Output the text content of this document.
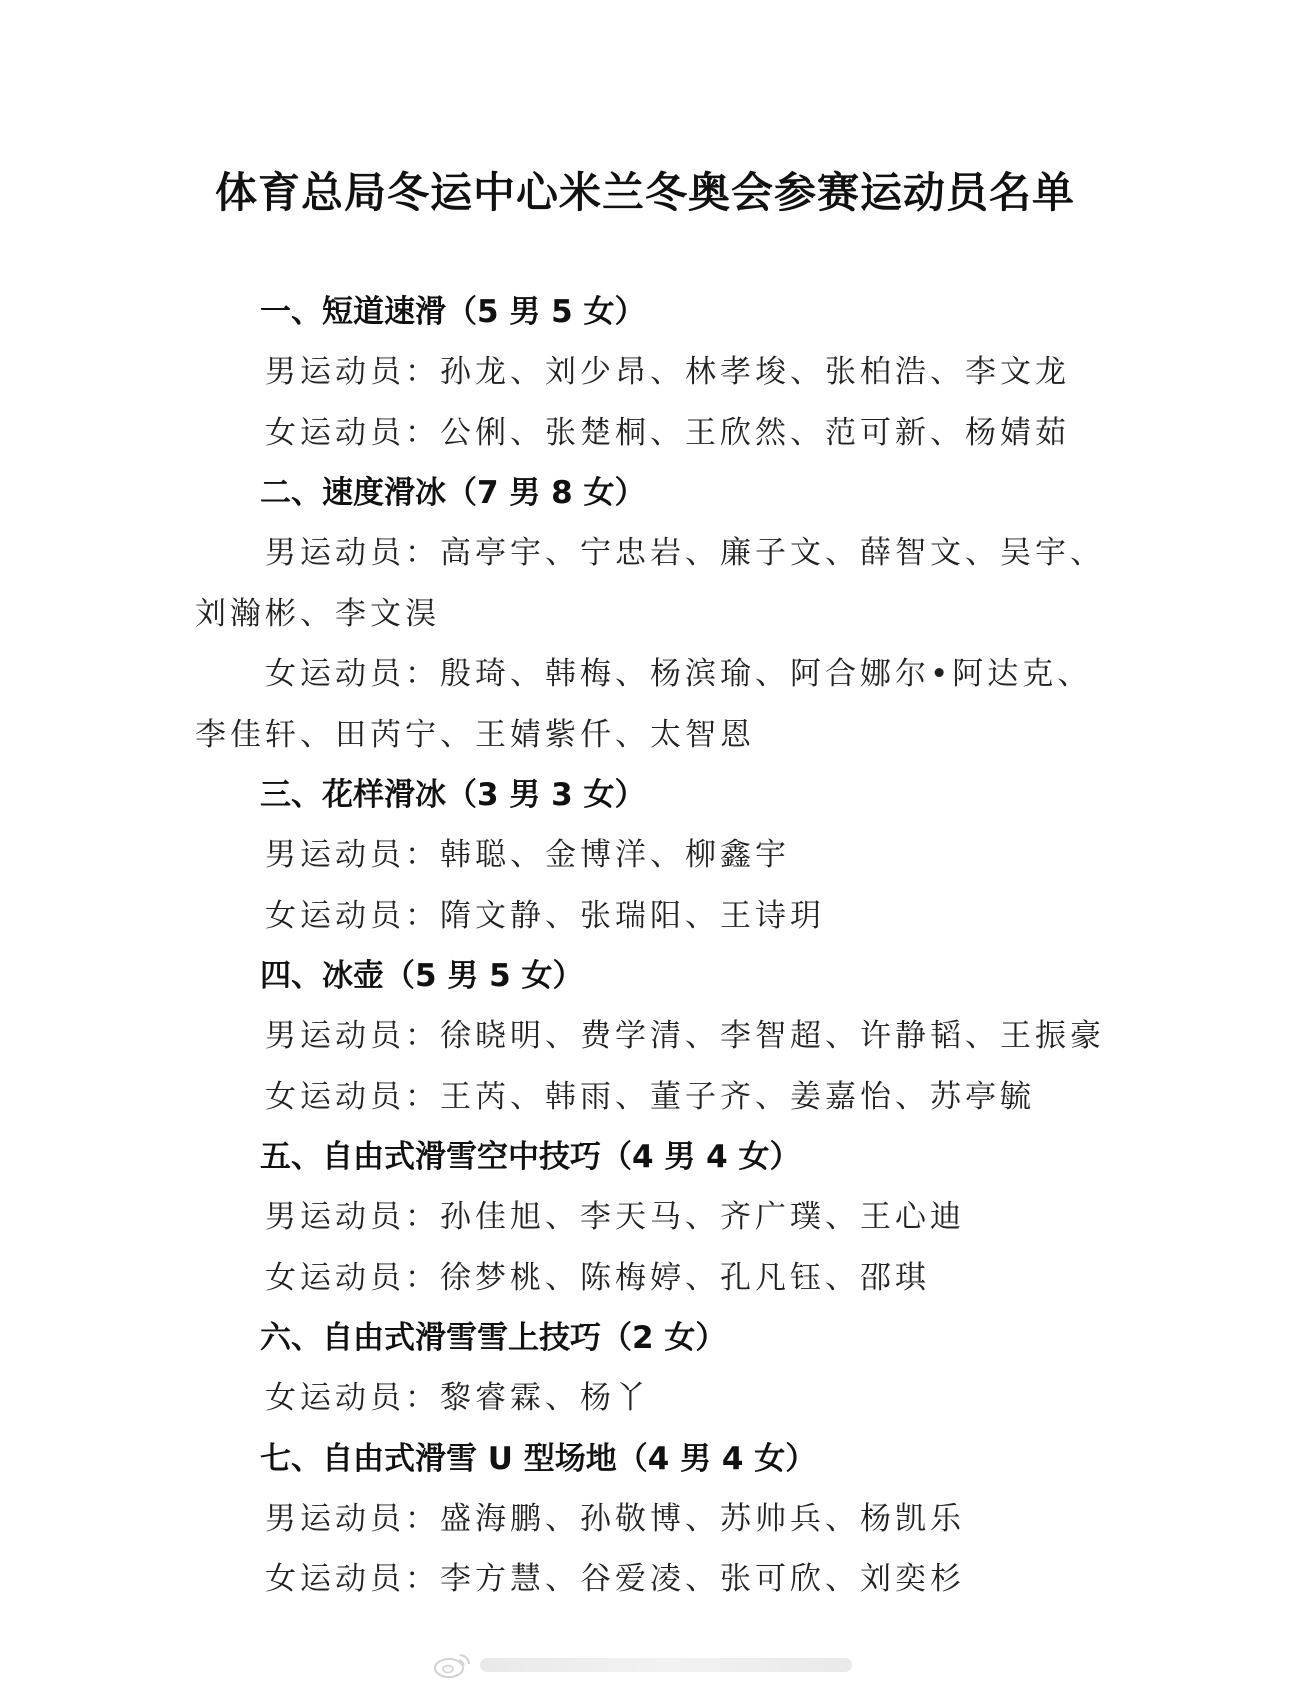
体育总局冬运中心米兰冬奥会参赛运动员名单
一、短道速滑（5 男 5 女）
男运动员：孙龙、刘少昂、林孝埈、张柏浩、李文龙
女运动员：公俐、张楚桐、王欣然、范可新、杨婧茹
二、速度滑冰（7 男 8 女）
男运动员：高亭宇、宁忠岩、廉子文、薛智文、吴宇、刘瀚彬、李文淏
女运动员：殷琦、韩梅、杨滨瑜、阿合娜尔•阿达克、李佳轩、田芮宁、王婧紫仟、太智恩
三、花样滑冰（3 男 3 女）
男运动员：韩聪、金博洋、柳鑫宇
女运动员：隋文静、张瑞阳、王诗玥
四、冰壶（5 男 5 女）
男运动员：徐晓明、费学清、李智超、许静韬、王振豪
女运动员：王芮、韩雨、董子齐、姜嘉怡、苏亭毓
五、自由式滑雪空中技巧（4 男 4 女）
男运动员：孙佳旭、李天马、齐广璞、王心迪
女运动员：徐梦桃、陈梅婷、孔凡钰、邵琪
六、自由式滑雪雪上技巧（2 女）
女运动员：黎睿霖、杨丫
七、自由式滑雪 U 型场地（4 男 4 女）
男运动员：盛海鹏、孙敬博、苏帅兵、杨凯乐
女运动员：李方慧、谷爱凌、张可欣、刘奕杉
